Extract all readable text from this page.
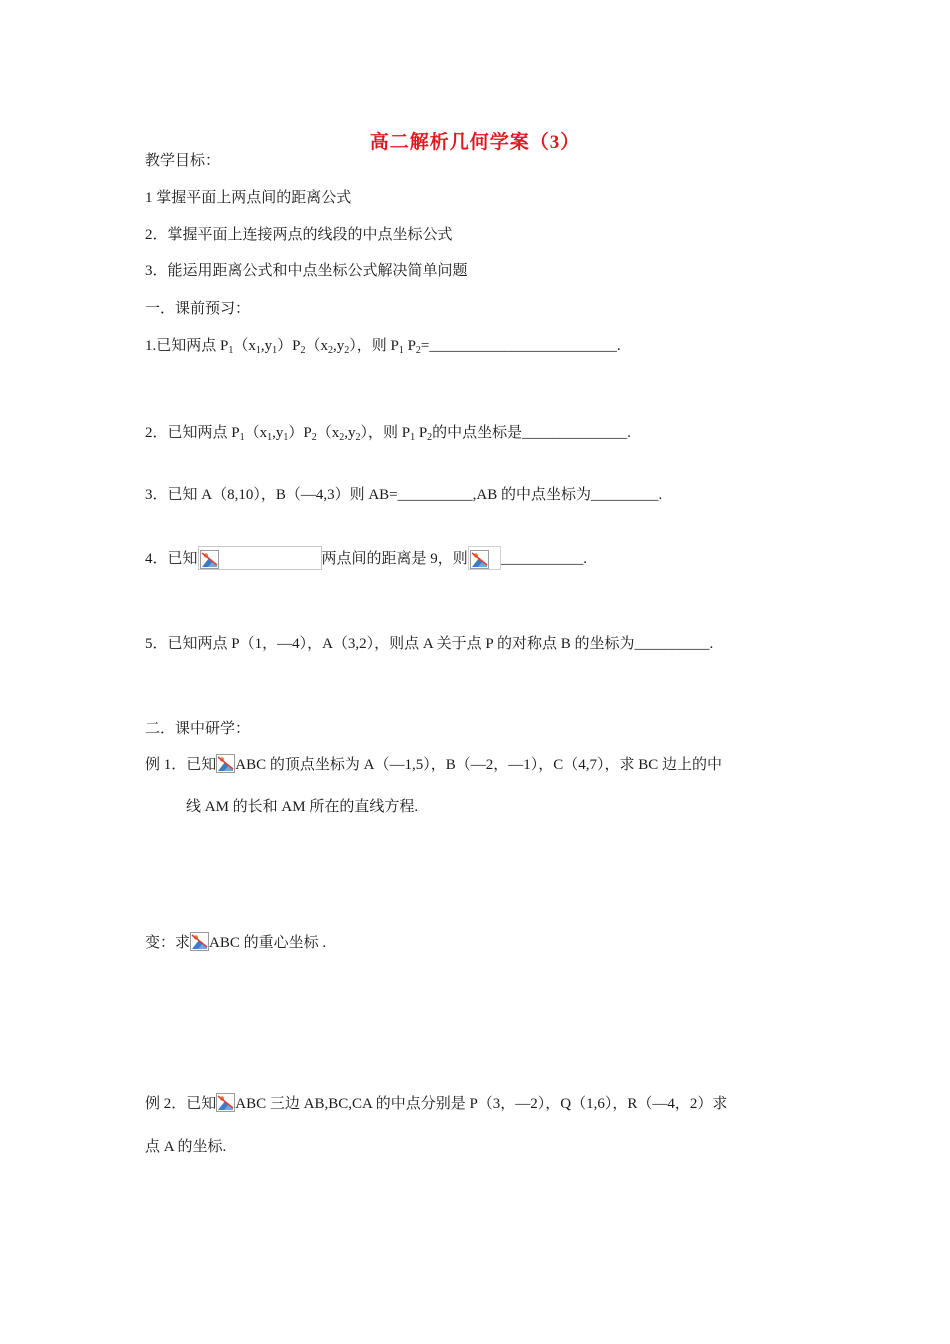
高二解析几何学案（3）
教学目标：
1 掌握平面上两点间的距离公式
2．掌握平面上连接两点的线段的中点坐标公式
3．能运用距离公式和中点坐标公式解决简单问题
一．课前预习：
1.已知两点 $P_1(x_1,y_1)P_2(x_2,y_2)$，则 $P_1$ $P_2=\_\_\_\_\_\_\_\_\_\_\_\_\_\_\_\_\_\_\_\_\_\_\_\_\_$.
2．已知两点 $P_1(x_1,y_1)P_2(x_2,y_2)$，则 $P_1$ $P_2$的中点坐标是______________.
3．已知 A（8,10），B（—4,3）则 AB=__________,AB 的中点坐标为_________.
4．已知	两点间的距离是 9，则 ___________.
5．已知两点 P（1，—4），A（3,2），则点 A 关于点 P 的对称点 B 的坐标为__________.
二．课中研学：
例 1．已知 ABC 的顶点坐标为 A（—1,5），B（—2，—1），C（4,7），求 BC 边上的中
线 AM 的长和 AM 所在的直线方程.
变：求 ABC 的重心坐标 .
例 2．已知 ABC 三边 AB,BC,CA 的中点分别是 P（3，—2），Q（1,6），R（—4，2）求
点 A 的坐标.
